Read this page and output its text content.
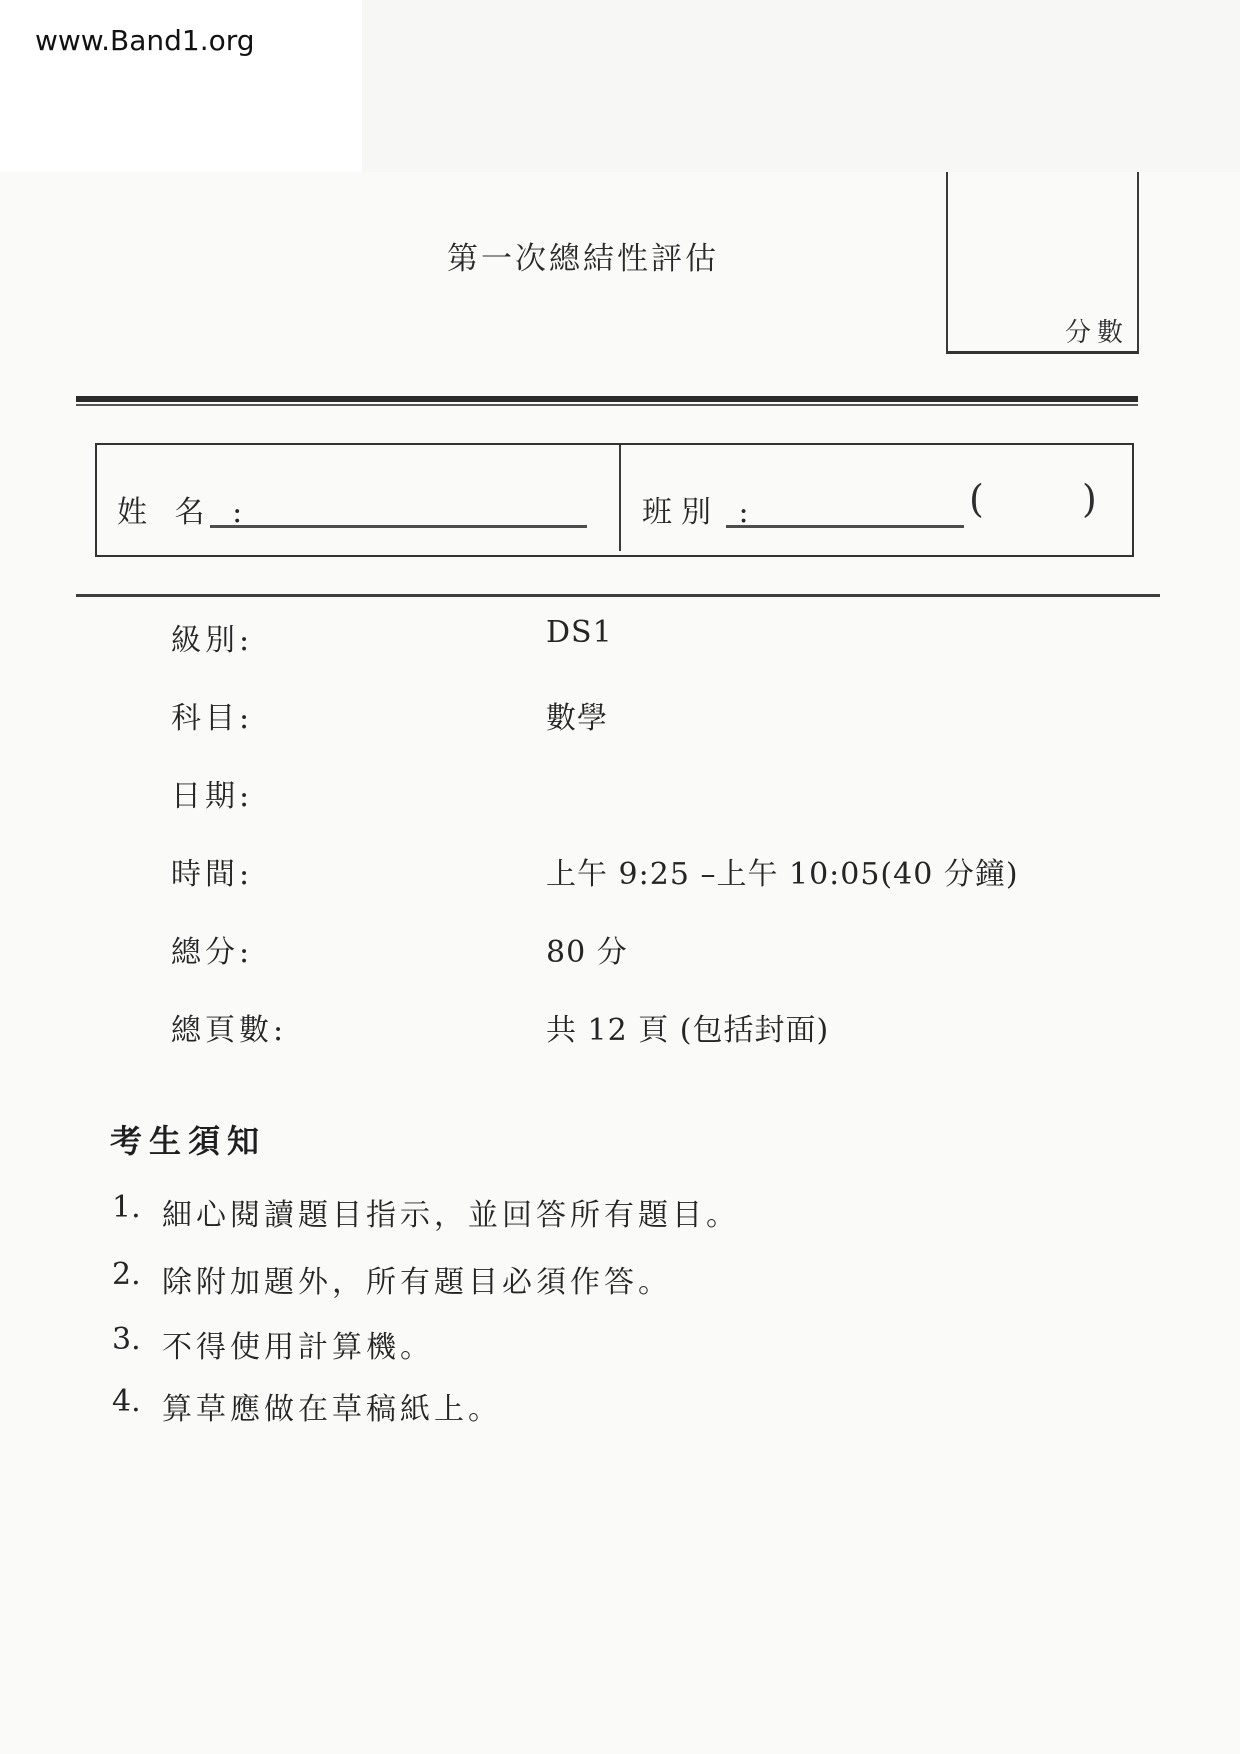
www.Band1.org
第一次總結性評估
分數
姓 名 :	班別 :	(	)
級別:	DS1
科目:	數學
日期:
時間:	上午 9:25 –上午 10:05(40 分鐘)
總分:	80 分
總頁數:	共 12 頁 (包括封面)
考生須知
1. 細心閱讀題目指示，並回答所有題目。
2. 除附加題外，所有題目必須作答。
3. 不得使用計算機。
4. 算草應做在草稿紙上。
